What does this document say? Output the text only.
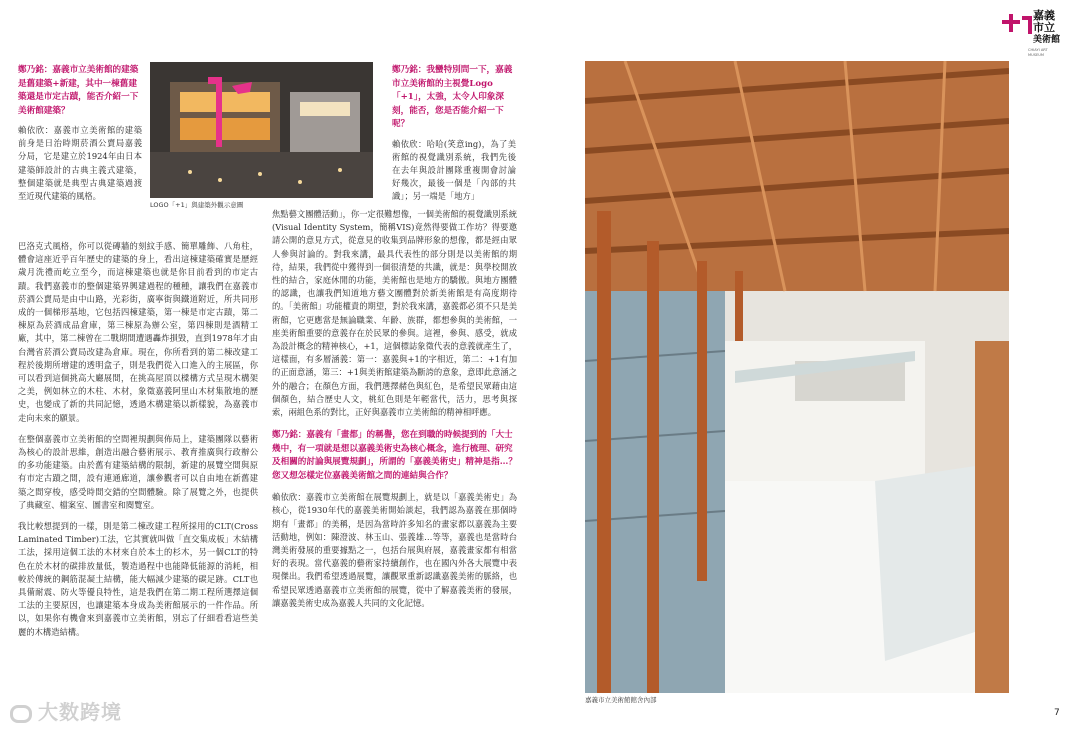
嘉義
市立
美術館
CHIAYI ART MUSEUM

鄭乃銘：嘉義市立美術館的建築是舊建築+新建，其中一棟舊建築還是市定古蹟，能否介紹一下美術館建築？

賴依欣：嘉義市立美術館的建築前身是日治時期菸酒公賣局嘉義分局，它是建立於1924年由日本建築師設計的古典主義式建築，整個建築就是典型古典建築過渡至近現代建築的風格。

LOGO「+1」與建築外觀示意圖

鄭乃銘：我蠻特別問一下，嘉義市立美術館的主視覺Logo「+1」，太強，太令人印象深刻，能否，您是否能介紹一下呢？

賴依欣：哈哈(笑意ing)，為了美術館的視覺識別系統，我們先後在去年與設計團隊重複開會討論好幾次，最後一個是「內部的共識」；另一端是「地方」

巴洛克式風格，你可以從磚牆的刻紋手感、簡單雕飾、八角柱，體會這座近乎百年歷史的建築的身上，看出這棟建築確實是歷經歲月洗禮而屹立至今，而這棟建築也就是你目前看到的市定古蹟。我們嘉義市的整個建築界興建過程的種種，讓我們在嘉義市菸酒公賣局是由中山路，光彩街，廣寧街與鐵道附近，所共同形成的一個梯形基地，它包括四棟建築，第一棟是市定古蹟，第二棟原為菸酒成品倉庫，第三棟原為辦公室，第四棟則是酒精工廠，其中，第二棟曾在二戰期間遭遇轟炸損毀，直到1978年才由台灣省菸酒公賣局改建為倉庫。現在，你所看到的第二棟改建工程於後期所增建的透明盒子，則是我們從入口進入的主展區，你可以看到這個挑高大廳展間，在挑高屋頂以樑構方式呈現木構架之美，例如林立的木柱、木材，象徵嘉義阿里山木材集散地的歷史，也變成了新的共同記憶，透過木構建築以新樣貌，為嘉義市走向未來的願景。

在整個嘉義市立美術館的空間裡規劃與佈局上，建築團隊以藝術為核心的設計思維，創造出融合藝術展示、教育推廣與行政辦公的多功能建築。由於舊有建築結構的限制，新建的展覽空間與原有市定古蹟之間，設有連通廊道，讓參觀者可以自由地在新舊建築之間穿梭，感受時間交錯的空間體驗。除了展覽之外，也提供了典藏室、檔案室、圖書室和閱覽室。

我比較想提到的一樣，則是第二棟改建工程所採用的CLT(Cross Laminated Timber)工法，它其實就叫做「直交集成板」木結構工法，採用這個工法的木材來自於本土的杉木，另一個CLT的特色在於木材的碳排放量低，製造過程中也能降低能源的消耗，相較於傳統的鋼筋混凝土結構，能大幅減少建築的碳足跡。CLT也具備耐震、防火等優良特性，這是我們在第二期工程所選擇這個工法的主要原因，也讓建築本身成為美術館展示的一件作品。所以，如果你有機會來到嘉義市立美術館，別忘了仔細看看這些美麗的木構造結構。

焦點藝文團體活動」，你一定很難想像，一個美術館的視覺識別系統(Visual Identity System，簡稱VIS)竟然得要做工作坊？得要邀請公開的意見方式，從意見的收集到品牌形象的想像，都是經由眾人參與討論的。對我來講，最具代表性的部分則是以美術館的期待，結果，我們從中獲得到一個很清楚的共識，就是：與學校開放性的結合，家庭休閒的功能，美術館也是地方的驕傲。與地方團體的認識，也讓我們知道地方藝文團體對於新美術館是有高度期待的。「美術館」功能權責的期望，對於我來講，嘉義都必須不只是美術館，它更應當是無論職業、年齡、族群，都想參與的美術館，一座美術館重要的意義存在於民眾的參與。這裡，參與、感受，就成為設計概念的精神核心，+1，這個標誌象徵代表的意義就產生了，這樣面，有多層涵義：第一：嘉義與+1的字相近，第二：+1有加的正面意涵，第三：+1與美術館建築為斷誇的意象，意即此意涵之外的融合；在顏色方面，我們選擇赭色與紅色，是希望民眾藉由這個顏色，結合歷史人文，桃紅色則是年輕當代，活力，思考與探索，兩組色系的對比，正好與嘉義市立美術館的精神相呼應。

鄭乃銘：嘉義有「畫都」的稱譽，您在到職的時候提到的「大士幾中，有一項就是想以嘉義美術史為核心概念，進行梳理、研究及相關的討論與展覽規劃」，所謂的「嘉義美術史」精神是指…？您又想怎樣定位嘉義美術館之間的連結與合作？

賴依欣：嘉義市立美術館在展覽規劃上，就是以「嘉義美術史」為核心，從1930年代的嘉義美術開始談起，我們認為嘉義在那個時期有「畫都」的美稱，是因為當時許多知名的畫家都以嘉義為主要活動地，例如：陳澄波、林玉山、張義雄…等等，嘉義也是當時台灣美術發展的重要據點之一，包括台展與府展，嘉義畫家都有相當好的表現。當代嘉義的藝術家持續創作，也在國內外各大展覽中表現傑出。我們希望透過展覽，讓觀眾重新認識嘉義美術的脈絡，也希望民眾透過嘉義市立美術館的展覽，從中了解嘉義美術的發展，讓嘉義美術史成為嘉義人共同的文化記憶。

嘉義市立美術館館舍內部
大数跨境	7
